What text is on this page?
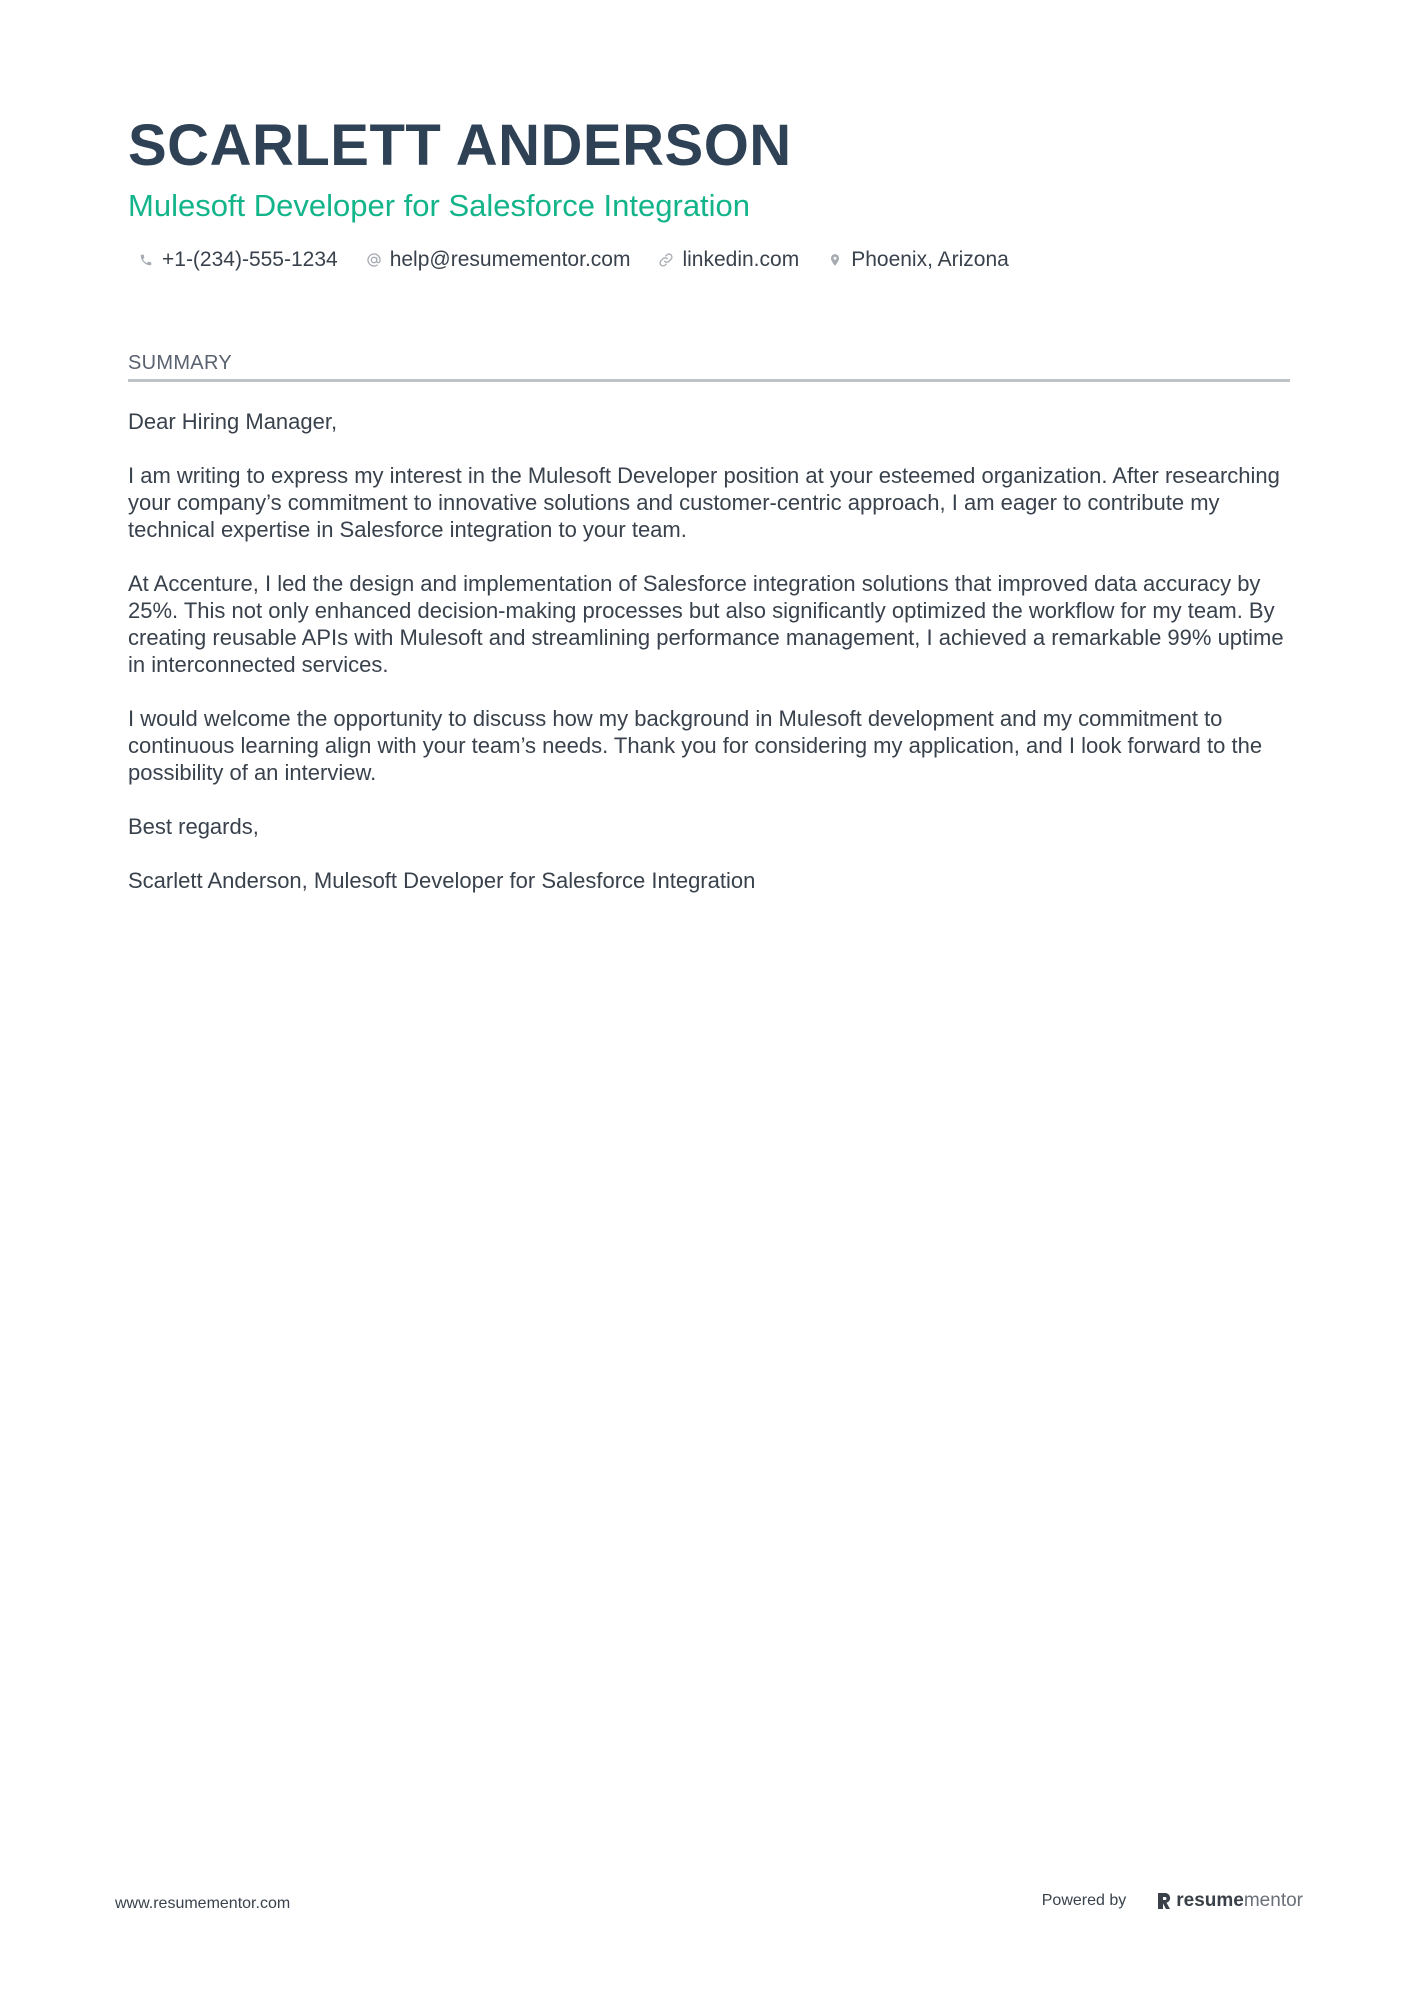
SCARLETT ANDERSON
Mulesoft Developer for Salesforce Integration
+1-(234)-555-1234 help@resumementor.com linkedin.com Phoenix, Arizona
SUMMARY

Dear Hiring Manager,

I am writing to express my interest in the Mulesoft Developer position at your esteemed organization. After researching your company’s commitment to innovative solutions and customer-centric approach, I am eager to contribute my technical expertise in Salesforce integration to your team.

At Accenture, I led the design and implementation of Salesforce integration solutions that improved data accuracy by 25%. This not only enhanced decision-making processes but also significantly optimized the workflow for my team. By creating reusable APIs with Mulesoft and streamlining performance management, I achieved a remarkable 99% uptime in interconnected services.

I would welcome the opportunity to discuss how my background in Mulesoft development and my commitment to continuous learning align with your team’s needs. Thank you for considering my application, and I look forward to the possibility of an interview.

Best regards,

Scarlett Anderson, Mulesoft Developer for Salesforce Integration

www.resumementor.com	Powered by	resume mentor
